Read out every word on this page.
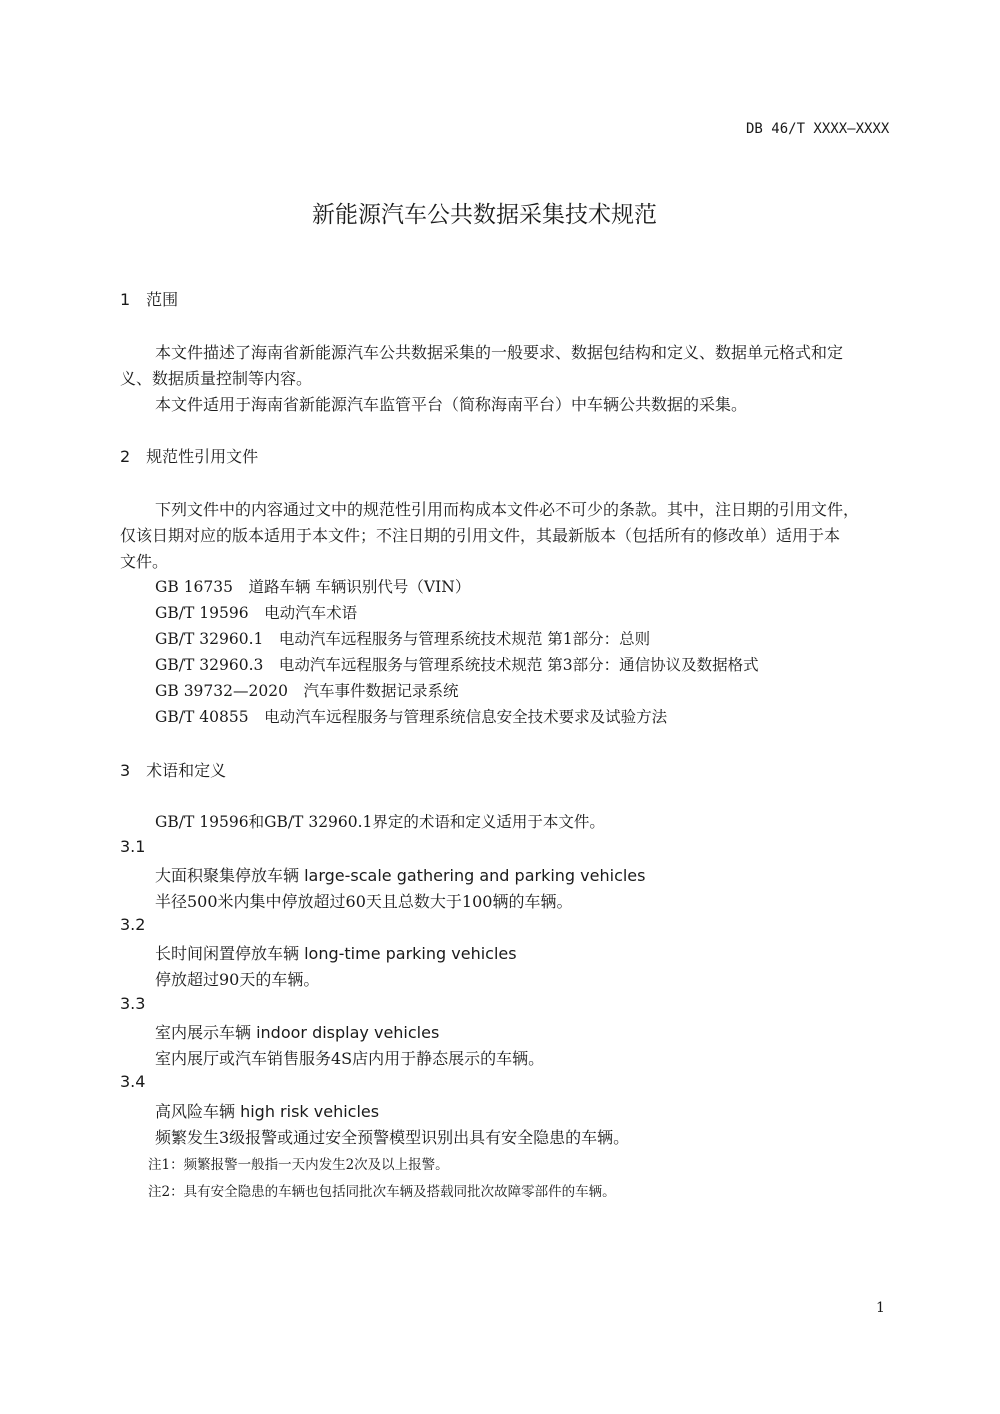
DB 46/T XXXX—XXXX
新能源汽车公共数据采集技术规范
1　范围
本文件描述了海南省新能源汽车公共数据采集的一般要求、数据包结构和定义、数据单元格式和定
义、数据质量控制等内容。
本文件适用于海南省新能源汽车监管平台（简称海南平台）中车辆公共数据的采集。
2　规范性引用文件
下列文件中的内容通过文中的规范性引用而构成本文件必不可少的条款。其中，注日期的引用文件，
仅该日期对应的版本适用于本文件；不注日期的引用文件，其最新版本（包括所有的修改单）适用于本
文件。
GB 16735　道路车辆 车辆识别代号（VIN）
GB/T 19596　电动汽车术语
GB/T 32960.1　电动汽车远程服务与管理系统技术规范 第1部分：总则
GB/T 32960.3　电动汽车远程服务与管理系统技术规范 第3部分：通信协议及数据格式
GB 39732—2020　汽车事件数据记录系统
GB/T 40855　电动汽车远程服务与管理系统信息安全技术要求及试验方法
3　术语和定义
GB/T 19596和GB/T 32960.1界定的术语和定义适用于本文件。
3.1
大面积聚集停放车辆 large-scale gathering and parking vehicles
半径500米内集中停放超过60天且总数大于100辆的车辆。
3.2
长时间闲置停放车辆 long-time parking vehicles
停放超过90天的车辆。
3.3
室内展示车辆 indoor display vehicles
室内展厅或汽车销售服务4S店内用于静态展示的车辆。
3.4
高风险车辆 high risk vehicles
频繁发生3级报警或通过安全预警模型识别出具有安全隐患的车辆。
注1：频繁报警一般指一天内发生2次及以上报警。
注2：具有安全隐患的车辆也包括同批次车辆及搭载同批次故障零部件的车辆。
1
